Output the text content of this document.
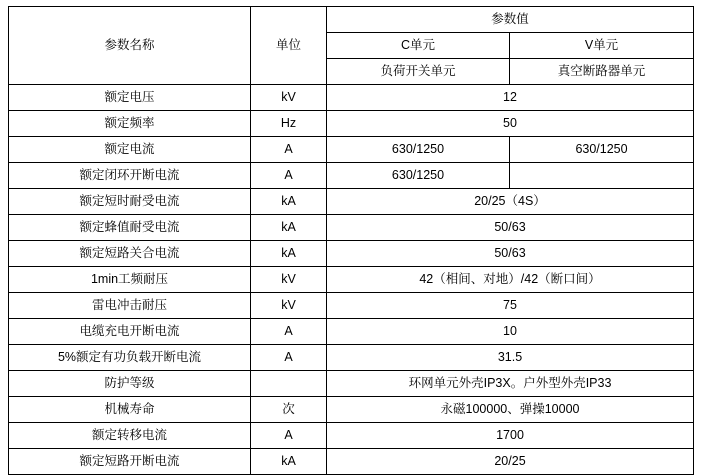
参数名称	单位	参数值	
		C单元	V单元
		负荷开关单元	真空断路器单元
额定电压	kV	12	
额定频率	Hz	50	
额定电流	A	630/1250	630/1250
额定闭环开断电流	A	630/1250	
额定短时耐受电流	kA	20/25（4S）	
额定蜂值耐受电流	kA	50/63	
额定短路关合电流	kA	50/63	
1min工频耐压	kV	42（相间、对地）/42（断口间）	
雷电冲击耐压	kV	75	
电缆充电开断电流	A	10	
5%额定有功负载开断电流	A	31.5	
防护等级		环网单元外壳IP3X。户外型外壳IP33	
机械寿命	次	永磁100000、弹操10000	
额定转移电流	A	1700	
额定短路开断电流	kA	20/25	
